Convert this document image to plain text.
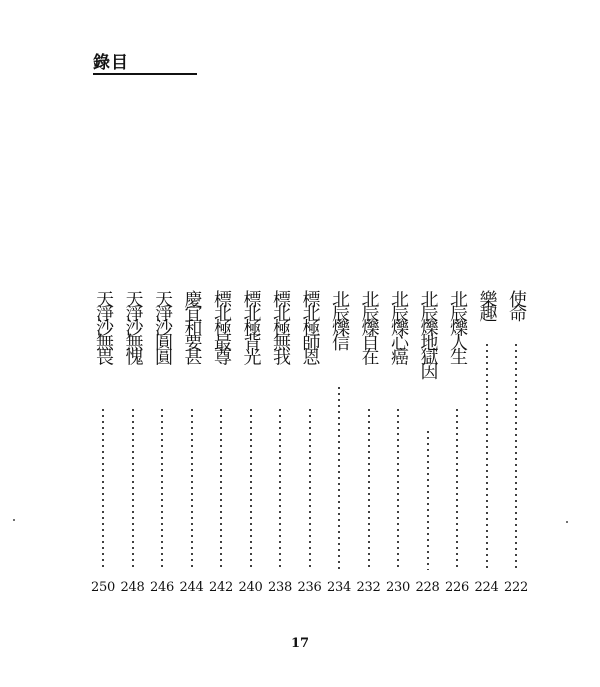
錄目
使命
222
樂趣
224
北辰爍人生
226
北辰爍地獄因
228
北辰爍心癌
230
北辰爍自在
232
北辰爍信
234
標北極師恩
236
標北極無我
238
標北極背光
240
標北極最尊
242
慶宜和要甚
244
天淨沙圓圓
246
天淨沙無愧
248
天淨沙無畏
250
17
